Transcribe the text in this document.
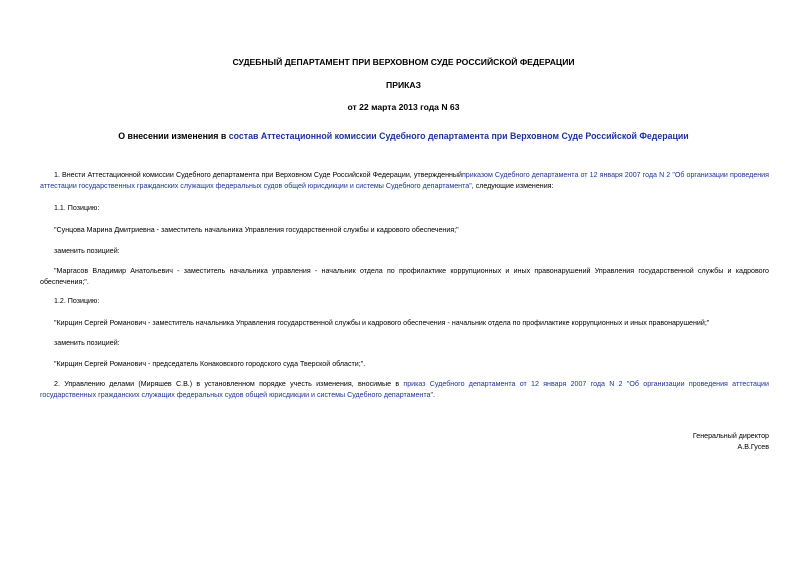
СУДЕБНЫЙ ДЕПАРТАМЕНТ ПРИ ВЕРХОВНОМ СУДЕ РОССИЙСКОЙ ФЕДЕРАЦИИ
ПРИКАЗ
от 22 марта 2013 года N 63
О внесении изменения в состав Аттестационной комиссии Судебного департамента при Верховном Суде Российской Федерации
1. Внести Аттестационной комиссии Судебного департамента при Верховном Суде Российской Федерации, утвержденныйприказом Судебного департамента от 12 января 2007 года N 2 "Об организации проведения аттестации государственных гражданских служащих федеральных судов общей юрисдикции и системы Судебного департамента", следующие изменения:
1.1. Позицию:
"Сунцова Марина Дмитриевна - заместитель начальника Управления государственной службы и кадрового обеспечения;"
заменить позицией:
"Маргасов Владимир Анатольевич - заместитель начальника управления - начальник отдела по профилактике коррупционных и иных правонарушений Управления государственной службы и кадрового обеспечения;".
1.2. Позицию:
"Кирщин Сергей Романович - заместитель начальника Управления государственной службы и кадрового обеспечения - начальник отдела по профилактике коррупционных и иных правонарушений;"
заменить позицией:
"Кирщин Сергей Романович - председатель Конаковского городского суда Тверской области;".
2. Управлению делами (Миряшев С.В.) в установленном порядке учесть изменения, вносимые в приказ Судебного департамента от 12 января 2007 года N 2 "Об организации проведения аттестации государственных гражданских служащих федеральных судов общей юрисдикции и системы Судебного департамента".
Генеральный директор
А.В.Гусев
